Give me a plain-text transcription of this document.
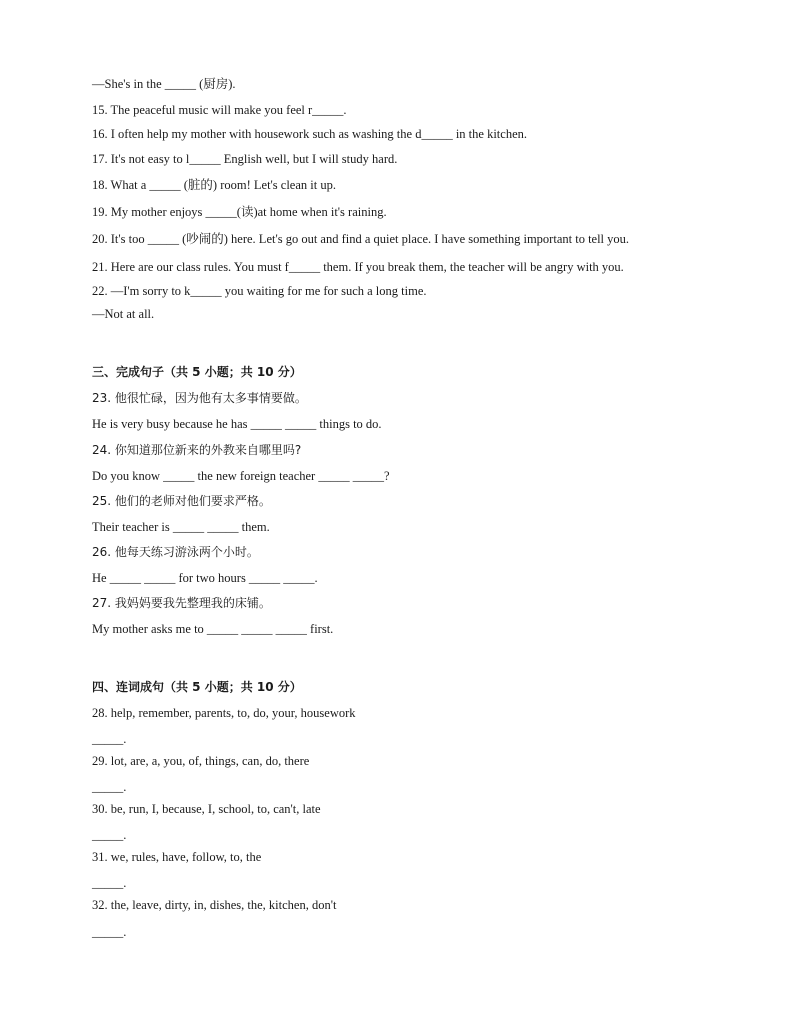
—She's in the _____ (厨房).
15. The peaceful music will make you feel r_____.
16. I often help my mother with housework such as washing the d_____ in the kitchen.
17. It's not easy to l_____ English well, but I will study hard.
18. What a _____ (脏的) room! Let's clean it up.
19. My mother enjoys _____(读)at home when it's raining.
20. It's too _____ (吵闹的) here. Let's go out and find a quiet place. I have something important to tell you.
21. Here are our class rules. You must f_____ them. If you break them, the teacher will be angry with you.
22. —I'm sorry to k_____ you waiting for me for such a long time.
—Not at all.
三、完成句子（共 5 小题；共 10 分）
23. 他很忙碌，因为他有太多事情要做。
He is very busy because he has _____ _____ things to do.
24. 你知道那位新来的外教来自哪里吗?
Do you know _____ the new foreign teacher _____ _____?
25. 他们的老师对他们要求严格。
Their teacher is _____ _____ them.
26. 他每天练习游泳两个小时。
He _____ _____ for two hours _____ _____.
27. 我妈妈要我先整理我的床铺。
My mother asks me to _____ _____ _____ first.
四、连词成句（共 5 小题；共 10 分）
28. help, remember, parents, to, do, your, housework
_____.
29. lot, are, a, you, of, things, can, do, there
_____.
30. be, run, I, because, I, school, to, can't, late
_____.
31. we, rules, have, follow, to, the
_____.
32. the, leave, dirty, in, dishes, the, kitchen, don't
_____.
